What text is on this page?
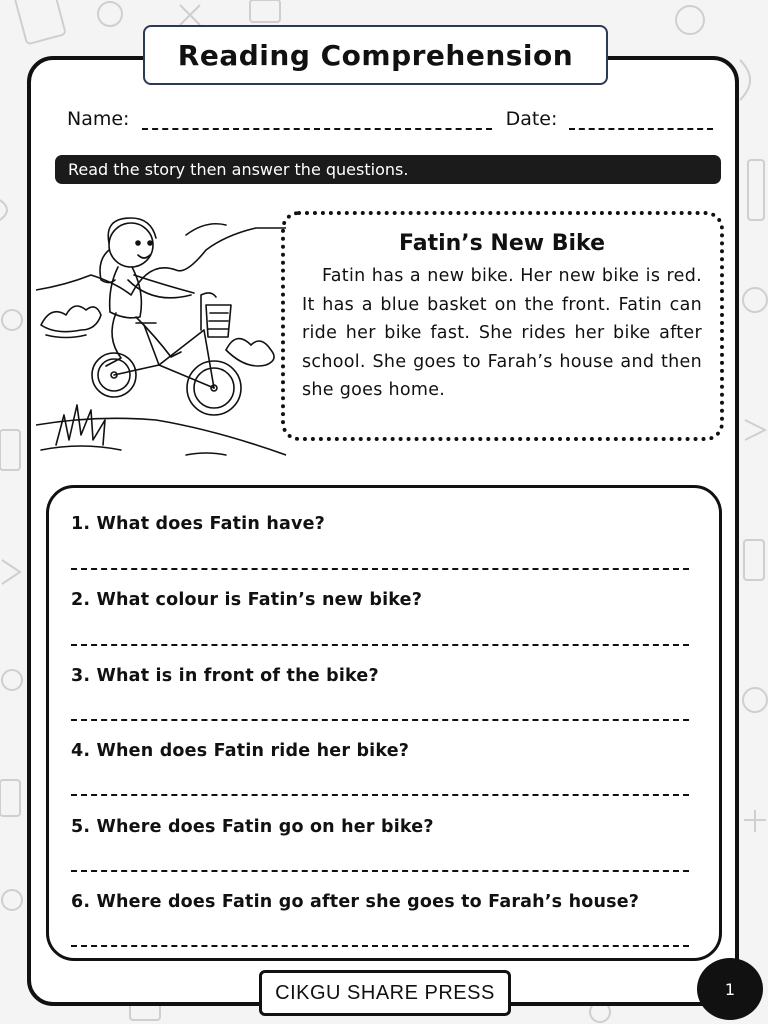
Reading Comprehension
Name:	Date:
Read the story then answer the questions.

Fatin’s New Bike

Fatin has a new bike. Her new bike is red. It has a blue basket on the front. Fatin can ride her bike fast. She rides her bike after school. She goes to Farah’s house and then she goes home.

1. What does Fatin have?
2. What colour is Fatin’s new bike?
3. What is in front of the bike?
4. When does Fatin ride her bike?
5. Where does Fatin go on her bike?
6. Where does Fatin go after she goes to Farah’s house?
CIKGU SHARE PRESS	1
